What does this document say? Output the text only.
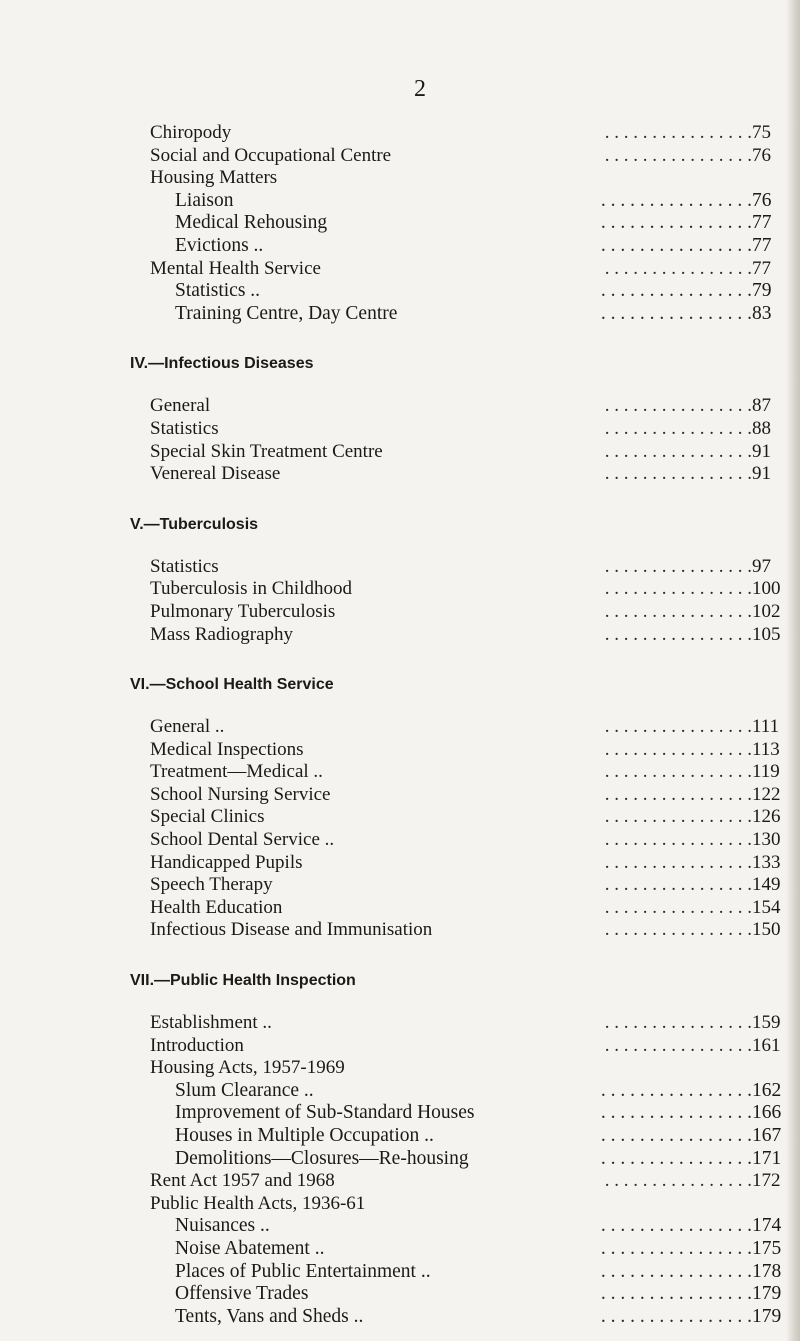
2
. . . . . . . . . . . . . . . .
Chiropody	75
. . . . . . . . . . . . . . . .
Social and Occupational Centre	76
Housing Matters
. . . . . . . . . . . . . . . .
Liaison	76
. . . . . . . . . . . . . . . .
Medical Rehousing	77
. . . . . . . . . . . . . . . .
Evictions ..	77
. . . . . . . . . . . . . . . .
Mental Health Service	77
. . . . . . . . . . . . . . . .
Statistics ..	79
. . . . . . . . . . . . . . . .
Training Centre, Day Centre	83
IV.—Infectious Diseases
. . . . . . . . . . . . . . . .
General	87
. . . . . . . . . . . . . . . .
Statistics	88
. . . . . . . . . . . . . . . .
Special Skin Treatment Centre	91
. . . . . . . . . . . . . . . .
Venereal Disease	91
V.—Tuberculosis
. . . . . . . . . . . . . . . .
Statistics	97
. . . . . . . . . . . . . . . .
Tuberculosis in Childhood	100
. . . . . . . . . . . . . . . .
Pulmonary Tuberculosis	102
. . . . . . . . . . . . . . . .
Mass Radiography	105
VI.—School Health Service
. . . . . . . . . . . . . . . .
General ..	111
. . . . . . . . . . . . . . . .
Medical Inspections	113
. . . . . . . . . . . . . . . .
Treatment—Medical ..	119
. . . . . . . . . . . . . . . .
School Nursing Service	122
. . . . . . . . . . . . . . . .
Special Clinics	126
. . . . . . . . . . . . . . . .
School Dental Service ..	130
. . . . . . . . . . . . . . . .
Handicapped Pupils	133
. . . . . . . . . . . . . . . .
Speech Therapy	149
. . . . . . . . . . . . . . . .
Health Education	154
. . . . . . . . . . . . . . . .
Infectious Disease and Immunisation	150
VII.—Public Health Inspection
. . . . . . . . . . . . . . . .
Establishment ..	159
. . . . . . . . . . . . . . . .
Introduction	161
Housing Acts, 1957-1969
. . . . . . . . . . . . . . . .
Slum Clearance ..	162
. . . . . . . . . . . . . . . .
Improvement of Sub-Standard Houses	166
. . . . . . . . . . . . . . . .
Houses in Multiple Occupation ..	167
. . . . . . . . . . . . . . . .
Demolitions—Closures—Re-housing	171
. . . . . . . . . . . . . . . .
Rent Act 1957 and 1968	172
Public Health Acts, 1936-61
. . . . . . . . . . . . . . . .
Nuisances ..	174
. . . . . . . . . . . . . . . .
Noise Abatement ..	175
. . . . . . . . . . . . . . . .
Places of Public Entertainment ..	178
. . . . . . . . . . . . . . . .
Offensive Trades	179
. . . . . . . . . . . . . . . .
Tents, Vans and Sheds ..	179
